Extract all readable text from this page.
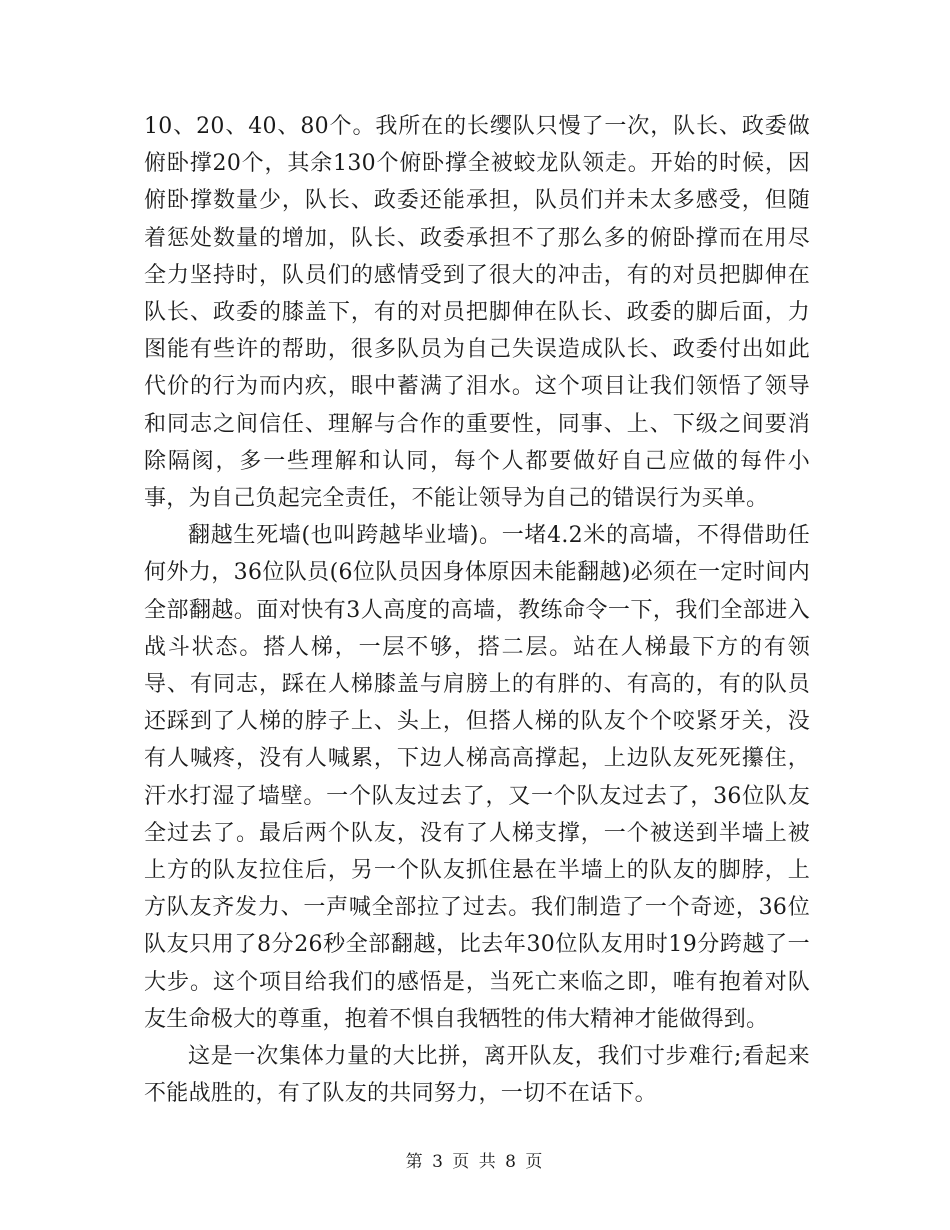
10、20、40、80个。我所在的长缨队只慢了一次，队长、政委做俯卧撑20个，其余130个俯卧撑全被蛟龙队领走。开始的时候，因俯卧撑数量少，队长、政委还能承担，队员们并未太多感受，但随着惩处数量的增加，队长、政委承担不了那么多的俯卧撑而在用尽全力坚持时，队员们的感情受到了很大的冲击，有的对员把脚伸在队长、政委的膝盖下，有的对员把脚伸在队长、政委的脚后面，力图能有些许的帮助，很多队员为自己失误造成队长、政委付出如此代价的行为而内疚，眼中蓄满了泪水。这个项目让我们领悟了领导和同志之间信任、理解与合作的重要性，同事、上、下级之间要消除隔阂，多一些理解和认同，每个人都要做好自己应做的每件小事，为自己负起完全责任，不能让领导为自己的错误行为买单。

翻越生死墙(也叫跨越毕业墙)。一堵4.2米的高墙，不得借助任何外力，36位队员(6位队员因身体原因未能翻越)必须在一定时间内全部翻越。面对快有3人高度的高墙，教练命令一下，我们全部进入战斗状态。搭人梯，一层不够，搭二层。站在人梯最下方的有领导、有同志，踩在人梯膝盖与肩膀上的有胖的、有高的，有的队员还踩到了人梯的脖子上、头上，但搭人梯的队友个个咬紧牙关，没有人喊疼，没有人喊累，下边人梯高高撑起，上边队友死死攥住，汗水打湿了墙壁。一个队友过去了，又一个队友过去了，36位队友全过去了。最后两个队友，没有了人梯支撑，一个被送到半墙上被上方的队友拉住后，另一个队友抓住悬在半墙上的队友的脚脖，上方队友齐发力、一声喊全部拉了过去。我们制造了一个奇迹，36位队友只用了8分26秒全部翻越，比去年30位队友用时19分跨越了一大步。这个项目给我们的感悟是，当死亡来临之即，唯有抱着对队友生命极大的尊重，抱着不惧自我牺牲的伟大精神才能做得到。

这是一次集体力量的大比拼，离开队友，我们寸步难行;看起来不能战胜的，有了队友的共同努力，一切不在话下。

第 3 页 共 8 页
